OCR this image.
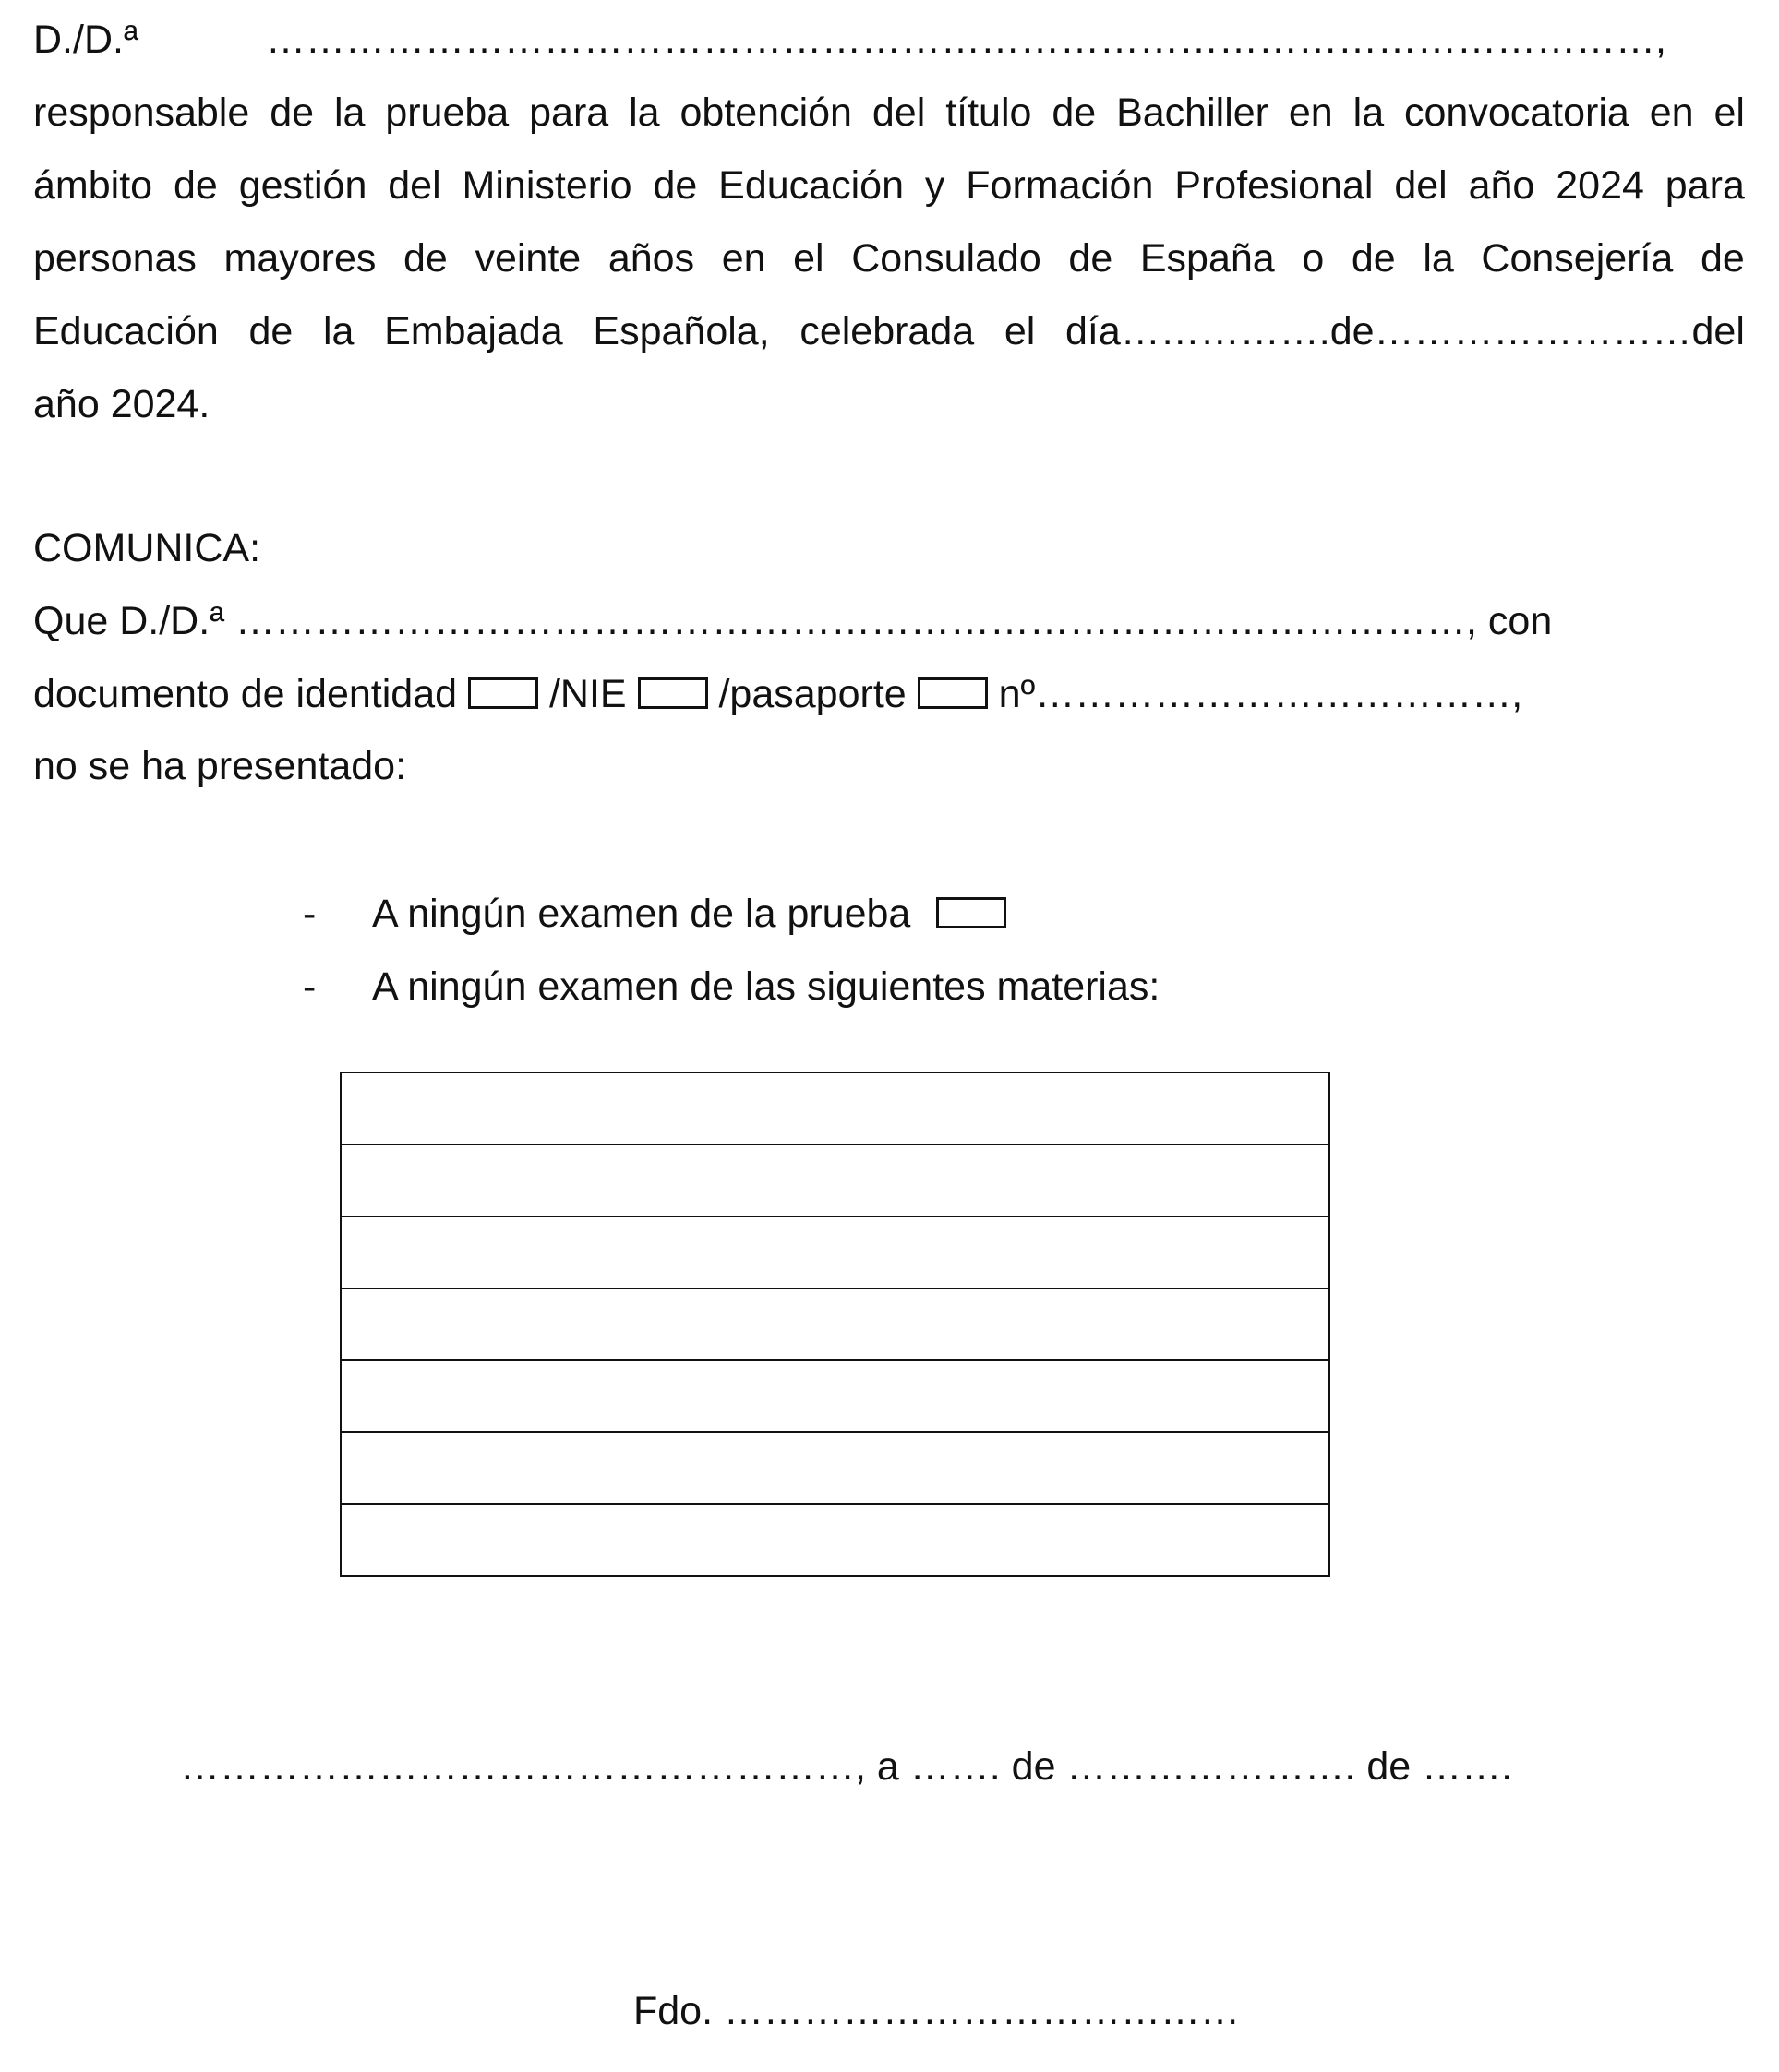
D./D.ª	……………………………………………………………………………………………,
responsable de la prueba para la obtención del título de Bachiller en la convocatoria en el
ámbito de gestión del Ministerio de Educación y Formación Profesional del año 2024 para
personas mayores de veinte años en el Consulado de España o de la Consejería de
Educación de la Embajada Española, celebrada el día…………….de……………………del
año 2024.
COMUNICA:
Que D./D.ª …………………………………………………………………………………, con
documento de identidad /NIE /pasaporte nº………………………………,
no se ha presentado:
- A ningún examen de la prueba
- A ningún examen de las siguientes materias:

……………………………………………, a ……. de …………………. de …….
Fdo. …………………………………
